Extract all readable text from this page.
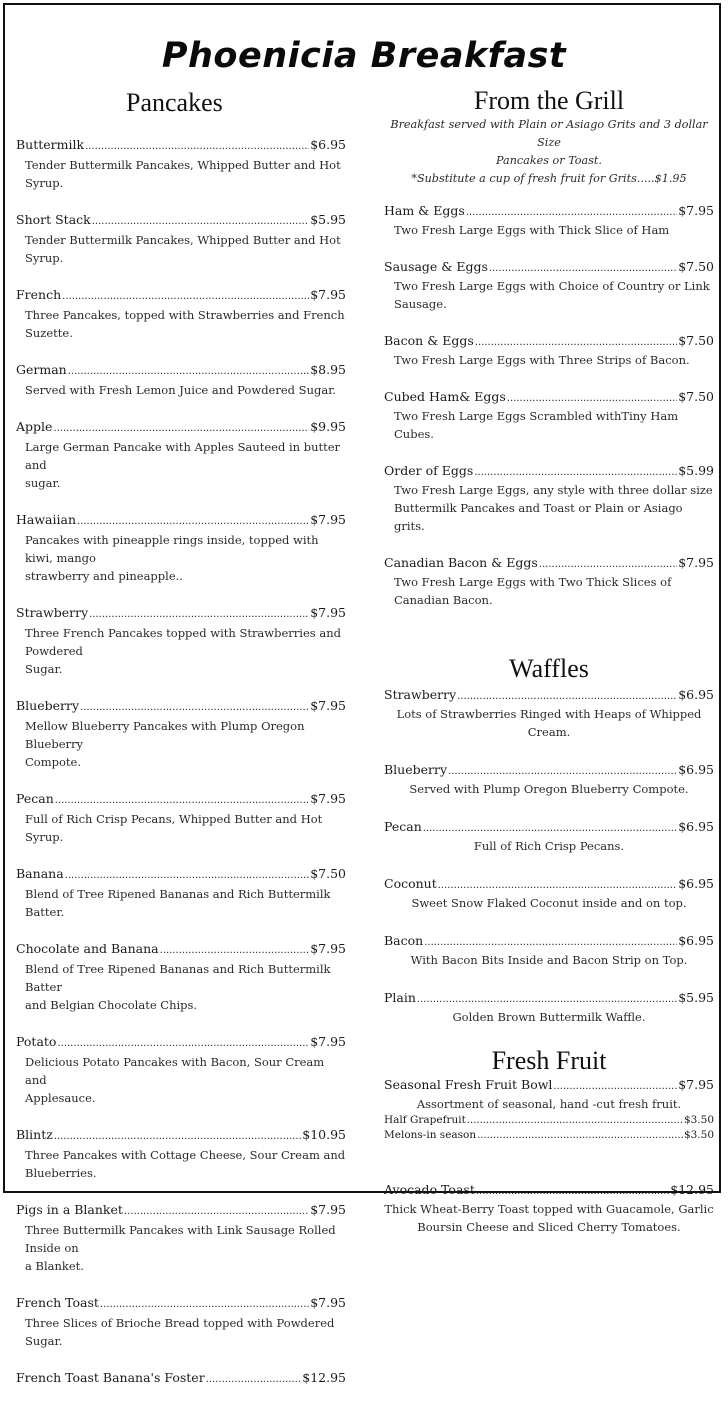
Phoenicia Breakfast
Pancakes
Buttermilk .....	$6.95
Tender Buttermilk Pancakes, Whipped Butter and Hot Syrup.
Short Stack .....	$5.95
Tender Buttermilk Pancakes, Whipped Butter and Hot Syrup.
French .....	$7.95
Three Pancakes, topped with Strawberries and French Suzette.
German .....	$8.95
Served with Fresh Lemon Juice and Powdered Sugar.
Apple .....	$9.95
Large German Pancake with Apples Sauteed in butter and
sugar.
Hawaiian .....	$7.95
Pancakes with pineapple rings inside, topped with kiwi, mango
strawberry and pineapple..
Strawberry .....	$7.95
Three French Pancakes topped with Strawberries and Powdered
Sugar.
Blueberry .....	$7.95
Mellow Blueberry Pancakes with Plump Oregon Blueberry
Compote.
Pecan .....	$7.95
Full of Rich Crisp Pecans, Whipped Butter and Hot Syrup.
Banana .....	$7.50
Blend of Tree Ripened Bananas and Rich Buttermilk Batter.
Chocolate and Banana .....	$7.95
Blend of Tree Ripened Bananas and Rich Buttermilk Batter
and Belgian Chocolate Chips.
Potato .....	$7.95
Delicious Potato Pancakes with Bacon, Sour Cream and
Applesauce.
Blintz .....	$10.95
Three Pancakes with Cottage Cheese, Sour Cream and
Blueberries.
Pigs in a Blanket .....	$7.95
Three Buttermilk Pancakes with Link Sausage Rolled Inside on
a Blanket.
French Toast .....	$7.95
Three Slices of Brioche Bread topped with Powdered Sugar.
French Toast Banana's Foster .....	$12.95
From the Grill
Breakfast served with Plain or Asiago Grits and 3 dollar Size
Pancakes or Toast.
*Substitute a cup of fresh fruit for Grits.....$1.95
Ham & Eggs .....	$7.95
Two Fresh Large Eggs with Thick Slice of Ham
Sausage & Eggs .....	$7.50
Two Fresh Large Eggs with Choice of Country or Link Sausage.
Bacon & Eggs .....	$7.50
Two Fresh Large Eggs with Three Strips of Bacon.
Cubed Ham& Eggs .....	$7.50
Two Fresh Large Eggs Scrambled withTiny Ham Cubes.
Order of Eggs .....	$5.99
Two Fresh Large Eggs, any style with three dollar size
Buttermilk Pancakes and Toast or Plain or Asiago grits.
Canadian Bacon & Eggs .....	$7.95
Two Fresh Large Eggs with Two Thick Slices of Canadian Bacon.
Waffles
Strawberry .....	$6.95
Lots of Strawberries Ringed with Heaps of Whipped Cream.
Blueberry .....	$6.95
Served with Plump Oregon Blueberry Compote.
Pecan .....	$6.95
Full of Rich Crisp Pecans.
Coconut .....	$6.95
Sweet Snow Flaked Coconut inside and on top.
Bacon .....	$6.95
With Bacon Bits Inside and Bacon Strip on Top.
Plain .....	$5.95
Golden Brown Buttermilk Waffle.
Fresh Fruit
Seasonal Fresh Fruit Bowl .....	$7.95
Assortment of seasonal, hand -cut fresh fruit.
Half Grapefruit .....	$3.50
Melons-in season .....	$3.50
Avocado Toast .....	$12.95
Thick Wheat-Berry Toast topped with Guacamole, Garlic
Boursin Cheese and Sliced Cherry Tomatoes.
